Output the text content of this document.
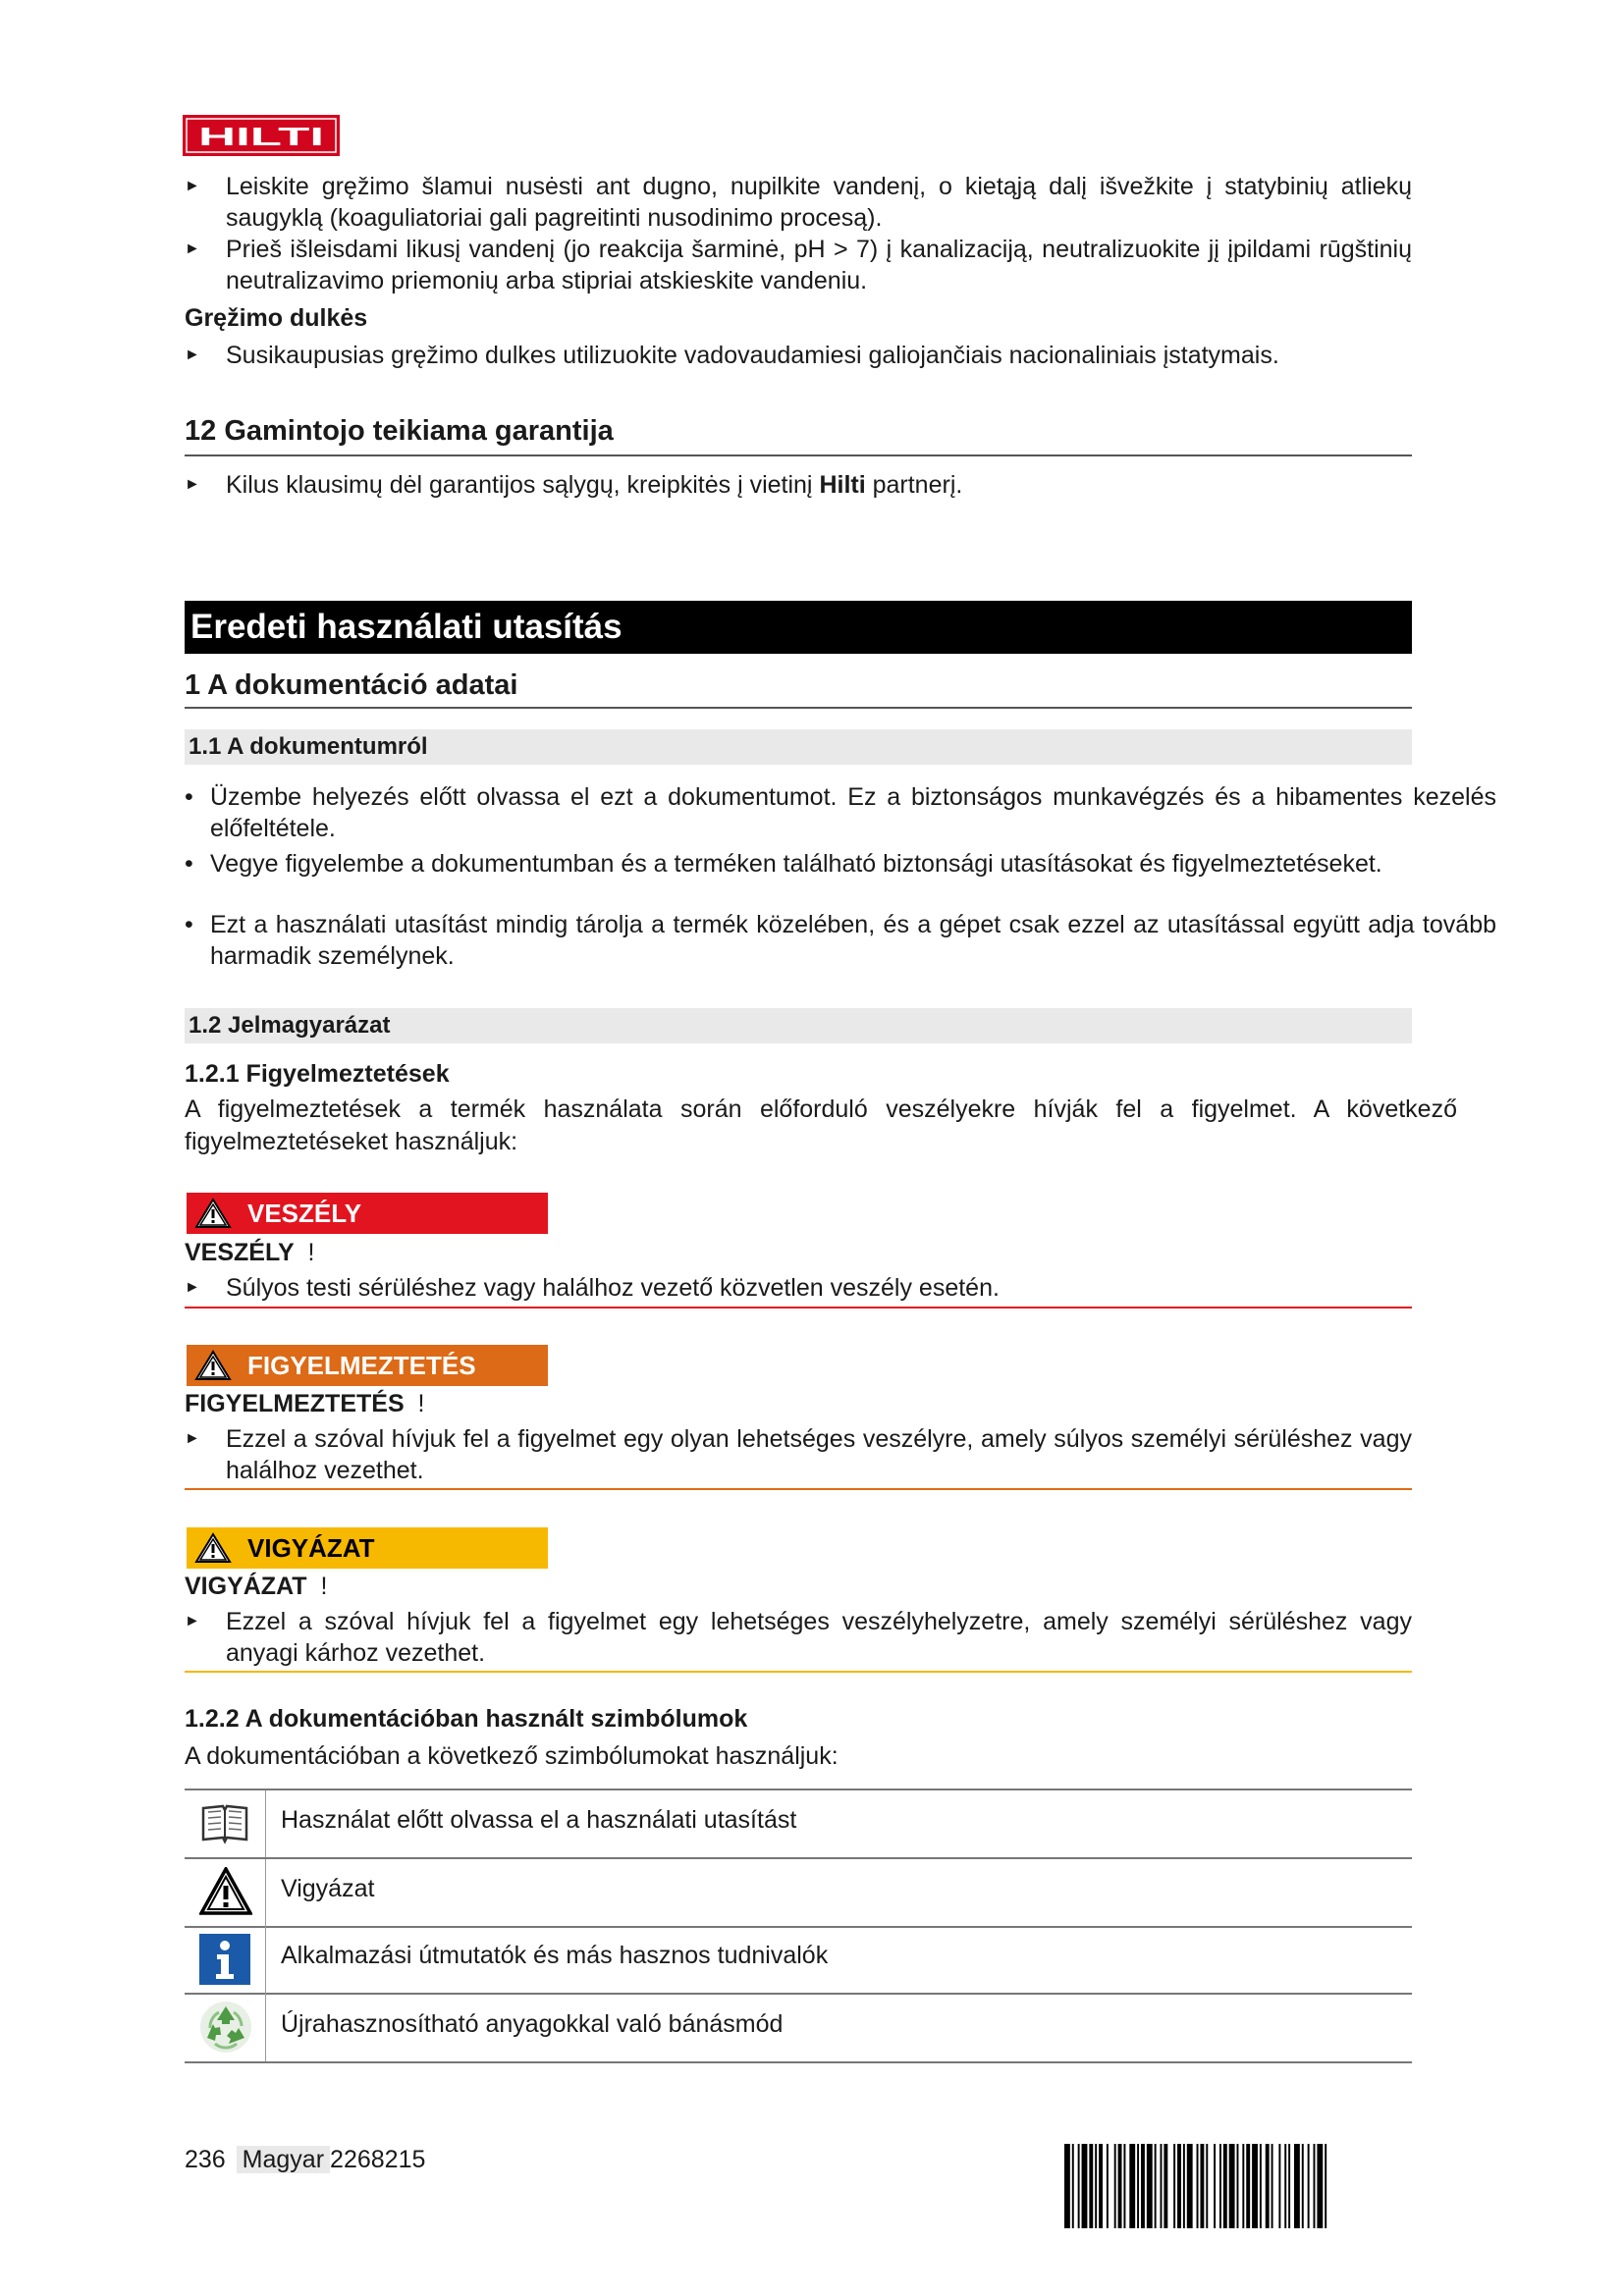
HILTI
► Leiskite gręžimo šlamui nusėsti ant dugno, nupilkite vandenį, o kietąją dalį išvežkite į statybinių atliekų saugyklą (koaguliatoriai gali pagreitinti nusodinimo procesą).
► Prieš išleisdami likusį vandenį (jo reakcija šarminė, pH > 7) į kanalizaciją, neutralizuokite jį įpildami rūgštinių neutralizavimo priemonių arba stipriai atskieskite vandeniu.
Gręžimo dulkės
► Susikaupusias gręžimo dulkes utilizuokite vadovaudamiesi galiojančiais nacionaliniais įstatymais.
12 Gamintojo teikiama garantija
► Kilus klausimų dėl garantijos sąlygų, kreipkitės į vietinį Hilti partnerį.
Eredeti használati utasítás
1 A dokumentáció adatai
1.1 A dokumentumról
• Üzembe helyezés előtt olvassa el ezt a dokumentumot. Ez a biztonságos munkavégzés és a hibamentes kezelés előfeltétele.
• Vegye figyelembe a dokumentumban és a terméken található biztonsági utasításokat és figyelmeztetéseket.
• Ezt a használati utasítást mindig tárolja a termék közelében, és a gépet csak ezzel az utasítással együtt adja tovább harmadik személynek.
1.2 Jelmagyarázat
1.2.1 Figyelmeztetések
A figyelmeztetések a termék használata során előforduló veszélyekre hívják fel a figyelmet. A következő figyelmeztetéseket használjuk:
VESZÉLY
VESZÉLY !
► Súlyos testi sérüléshez vagy halálhoz vezető közvetlen veszély esetén.
FIGYELMEZTETÉS
FIGYELMEZTETÉS !
► Ezzel a szóval hívjuk fel a figyelmet egy olyan lehetséges veszélyre, amely súlyos személyi sérüléshez vagy halálhoz vezethet.
VIGYÁZAT
VIGYÁZAT !
► Ezzel a szóval hívjuk fel a figyelmet egy lehetséges veszélyhelyzetre, amely személyi sérüléshez vagy anyagi kárhoz vezethet.
1.2.2 A dokumentációban használt szimbólumok
A dokumentációban a következő szimbólumokat használjuk:
Használat előtt olvassa el a használati utasítást
Vigyázat
Alkalmazási útmutatók és más hasznos tudnivalók
Újrahasznosítható anyagokkal való bánásmód
236 Magyar 2268215
